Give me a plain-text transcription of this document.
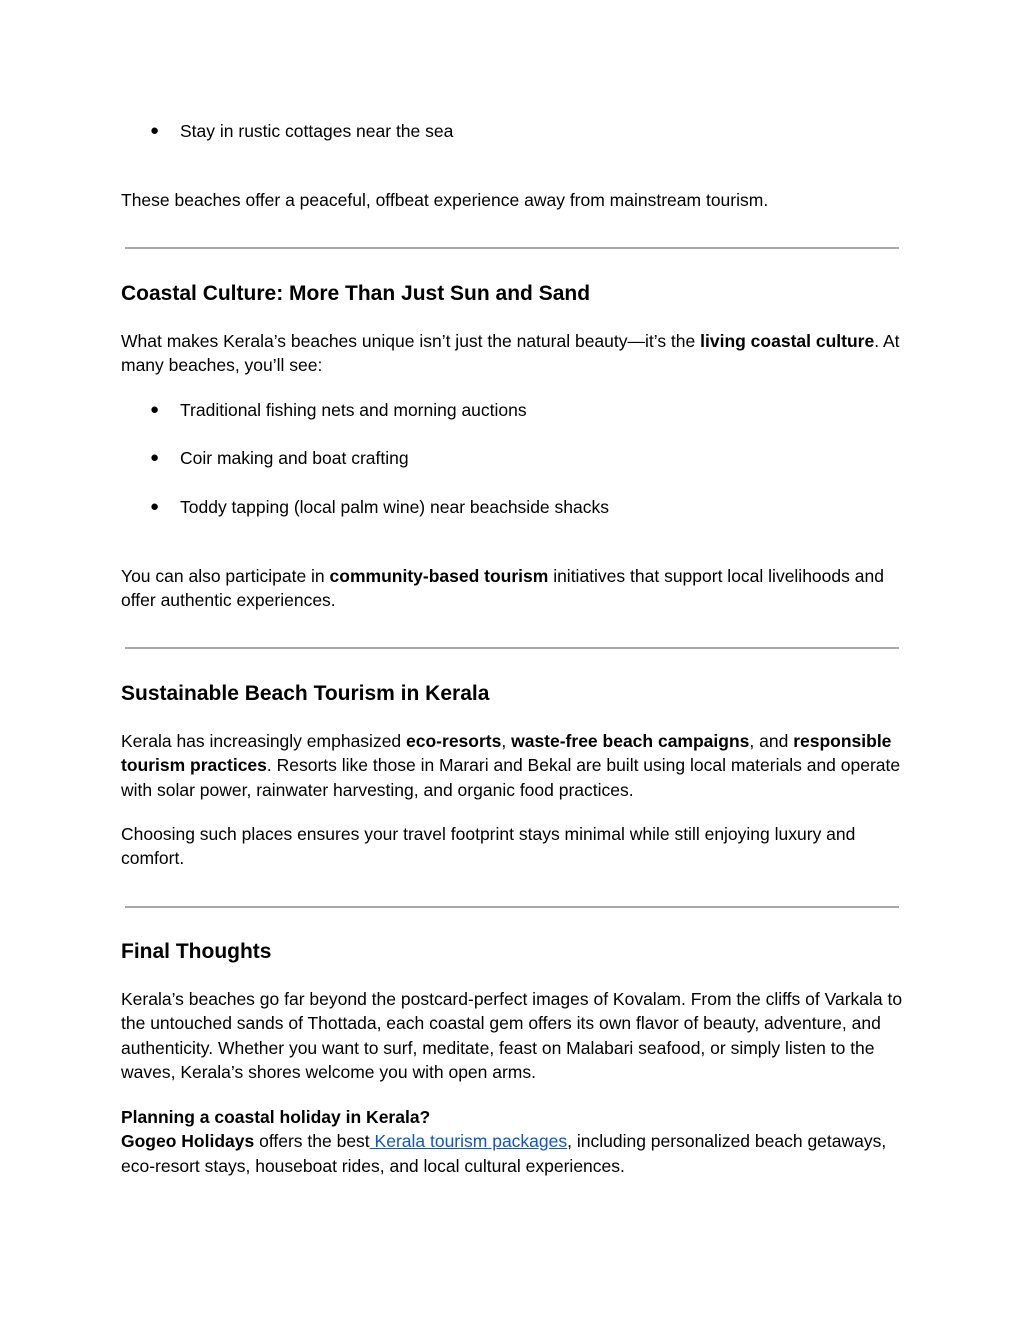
●	Stay in rustic cottages near the sea
These beaches offer a peaceful, offbeat experience away from mainstream tourism.
Coastal Culture: More Than Just Sun and Sand
What makes Kerala’s beaches unique isn’t just the natural beauty—it’s the living coastal culture. At many beaches, you’ll see:
●	Traditional fishing nets and morning auctions
●	Coir making and boat crafting
●	Toddy tapping (local palm wine) near beachside shacks
You can also participate in community-based tourism initiatives that support local livelihoods and offer authentic experiences.
Sustainable Beach Tourism in Kerala
Kerala has increasingly emphasized eco-resorts, waste-free beach campaigns, and responsible tourism practices. Resorts like those in Marari and Bekal are built using local materials and operate with solar power, rainwater harvesting, and organic food practices.
Choosing such places ensures your travel footprint stays minimal while still enjoying luxury and comfort.
Final Thoughts
Kerala’s beaches go far beyond the postcard-perfect images of Kovalam. From the cliffs of Varkala to the untouched sands of Thottada, each coastal gem offers its own flavor of beauty, adventure, and authenticity. Whether you want to surf, meditate, feast on Malabari seafood, or simply listen to the waves, Kerala’s shores welcome you with open arms.
Planning a coastal holiday in Kerala?
Gogeo Holidays offers the best Kerala tourism packages, including personalized beach getaways, eco-resort stays, houseboat rides, and local cultural experiences.
